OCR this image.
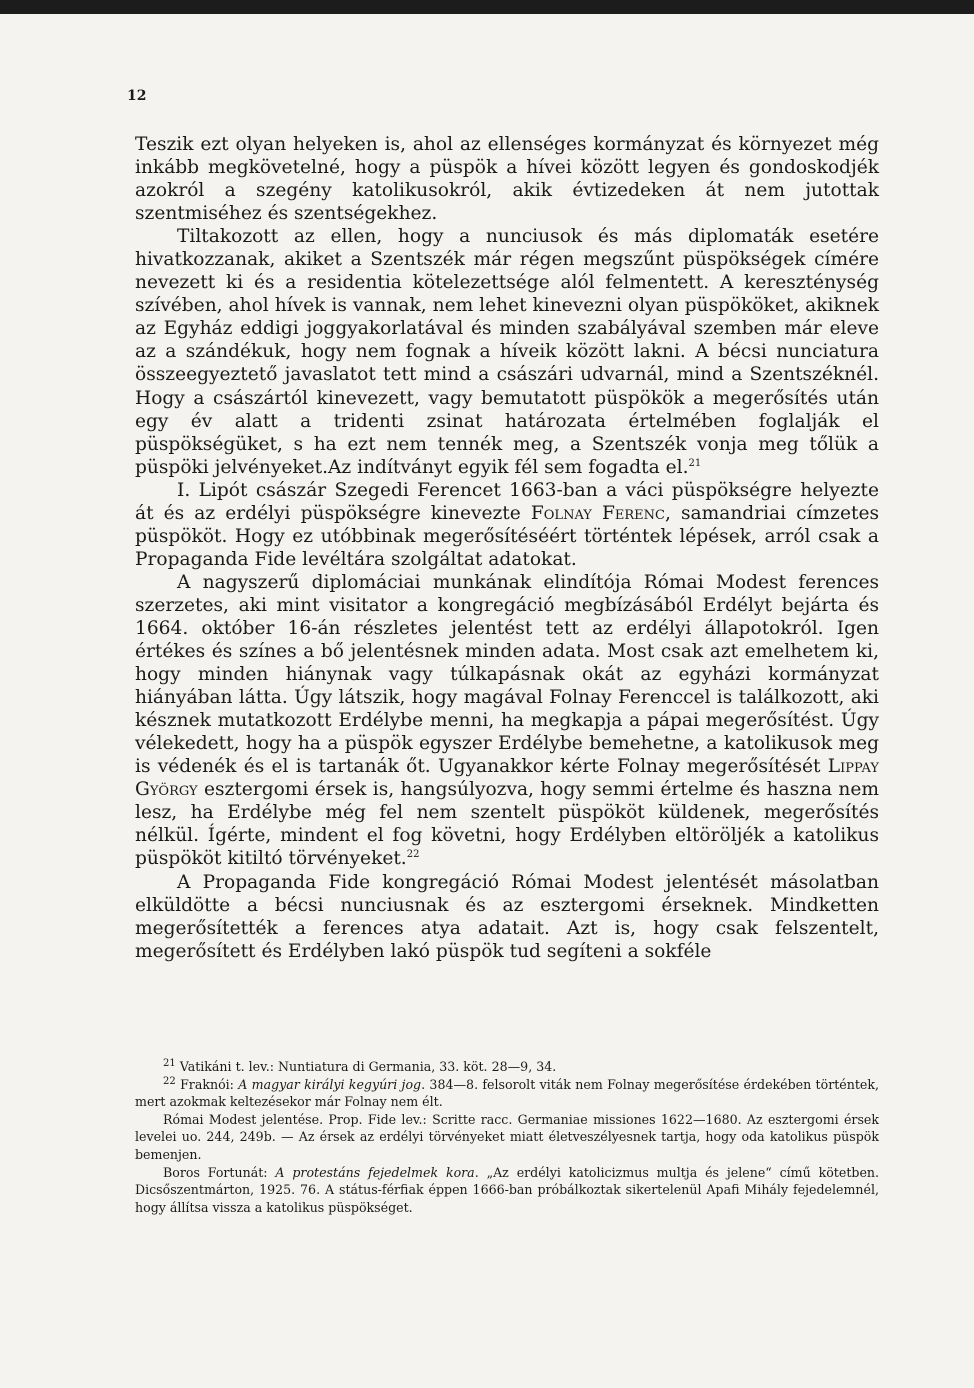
12

Teszik ezt olyan helyeken is, ahol az ellenséges kormányzat és környezet még inkább megkövetelné, hogy a püspök a hívei között legyen és gondoskodjék azokról a szegény katolikusokról, akik évtizedeken át nem jutottak szentmiséhez és szentségekhez.

Tiltakozott az ellen, hogy a nunciusok és más diplomaták esetére hivatkozzanak, akiket a Szentszék már régen megszűnt püspökségek címére nevezett ki és a residentia kötelezettsége alól felmentett. A kereszténység szívében, ahol hívek is vannak, nem lehet kinevezni olyan püspököket, akiknek az Egyház eddigi joggyakorlatával és minden szabályával szemben már eleve az a szándékuk, hogy nem fognak a híveik között lakni. A bécsi nunciatura összeegyeztető javaslatot tett mind a császári udvarnál, mind a Szentszéknél. Hogy a császártól kinevezett, vagy bemutatott püspökök a megerősítés után egy év alatt a tridenti zsinat határozata értelmében foglalják el püspökségüket, s ha ezt nem tennék meg, a Szentszék vonja meg tőlük a püspöki jelvényeket.Az indítványt egyik fél sem fogadta el.$^{21}$

I. Lipót császár Szegedi Ferencet 1663-ban a váci püspökségre helyezte át és az erdélyi püspökségre kinevezte Folnay Ferenc, samandriai címzetes püspököt. Hogy ez utóbbinak megerősítéséért történtek lépések, arról csak a Propaganda Fide levéltára szolgáltat adatokat.

A nagyszerű diplomáciai munkának elindítója Római Modest ferences szerzetes, aki mint visitator a kongregáció megbízásából Erdélyt bejárta és 1664. október 16-án részletes jelentést tett az erdélyi állapotokról. Igen értékes és színes a bő jelentésnek minden adata. Most csak azt emelhetem ki, hogy minden hiánynak vagy túlkapásnak okát az egyházi kormányzat hiányában látta. Úgy látszik, hogy magával Folnay Ferenccel is találkozott, aki késznek mutatkozott Erdélybe menni, ha megkapja a pápai megerősítést. Úgy vélekedett, hogy ha a püspök egyszer Erdélybe bemehetne, a katolikusok meg is védenék és el is tartanák őt. Ugyanakkor kérte Folnay megerősítését Lippay György esztergomi érsek is, hangsúlyozva, hogy semmi értelme és haszna nem lesz, ha Erdélybe még fel nem szentelt püspököt küldenek, megerősítés nélkül. Ígérte, mindent el fog követni, hogy Erdélyben eltöröljék a katolikus püspököt kitiltó törvényeket.$^{22}$

A Propaganda Fide kongregáció Római Modest jelentését másolatban elküldötte a bécsi nunciusnak és az esztergomi érseknek. Mindketten megerősítették a ferences atya adatait. Azt is, hogy csak felszentelt, megerősített és Erdélyben lakó püspök tud segíteni a sokféle

$^{21}$ Vatikáni t. lev.: Nuntiatura di Germania, 33. köt. 28—9, 34.

$^{22}$ Fraknói: A magyar királyi kegyúri jog. 384—8. felsorolt viták nem Folnay megerősítése érdekében történtek, mert azokmak keltezésekor már Folnay nem élt.

Római Modest jelentése. Prop. Fide lev.: Scritte racc. Germaniae missiones 1622—1680. Az esztergomi érsek levelei uo. 244, 249b. — Az érsek az erdélyi törvényeket miatt életveszélyesnek tartja, hogy oda katolikus püspök bemenjen.

Boros Fortunát: A protestáns fejedelmek kora. „Az erdélyi katolicizmus multja és jelene“ című kötetben. Dicsőszentmárton, 1925. 76. A státus-férfiak éppen 1666-ban próbálkoztak sikertelenül Apafi Mihály fejedelemnél, hogy állítsa vissza a katolikus püspökséget.
